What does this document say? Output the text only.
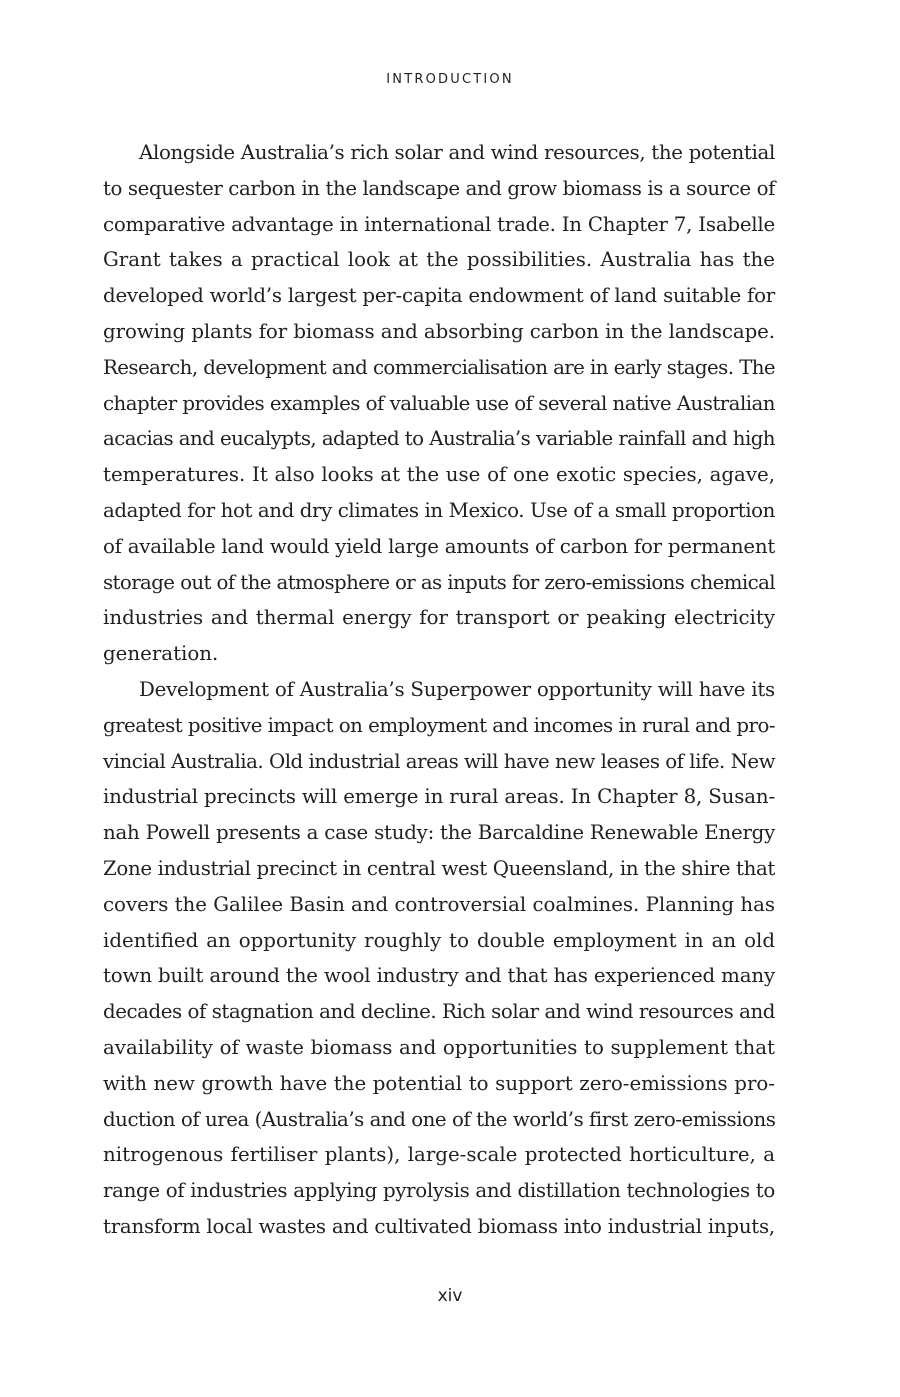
INTRODUCTION

Alongside Australia’s rich solar and wind resources, the potential
to sequester carbon in the landscape and grow biomass is a source of
comparative advantage in international trade. In Chapter 7, Isabelle
Grant takes a practical look at the possibilities. Australia has the
developed world’s largest per-capita endowment of land suitable for
growing plants for biomass and absorbing carbon in the landscape.
Research, development and commercialisation are in early stages. The
chapter provides examples of valuable use of several native Australian
acacias and eucalypts, adapted to Australia’s variable rainfall and high
temperatures. It also looks at the use of one exotic species, agave,
adapted for hot and dry climates in Mexico. Use of a small proportion
of available land would yield large amounts of carbon for permanent
storage out of the atmosphere or as inputs for zero-emissions chemical
industries and thermal energy for transport or peaking electricity
generation.

Development of Australia’s Superpower opportunity will have its
greatest positive impact on employment and incomes in rural and pro-
vincial Australia. Old industrial areas will have new leases of life. New
industrial precincts will emerge in rural areas. In Chapter 8, Susan-
nah Powell presents a case study: the Barcaldine Renewable Energy
Zone industrial precinct in central west Queensland, in the shire that
covers the Galilee Basin and controversial coalmines. Planning has
identified an opportunity roughly to double employment in an old
town built around the wool industry and that has experienced many
decades of stagnation and decline. Rich solar and wind resources and
availability of waste biomass and opportunities to supplement that
with new growth have the potential to support zero-emissions pro-
duction of urea (Australia’s and one of the world’s first zero-emissions
nitrogenous fertiliser plants), large-scale protected horticulture, a
range of industries applying pyrolysis and distillation technologies to
transform local wastes and cultivated biomass into industrial inputs,

xiv
